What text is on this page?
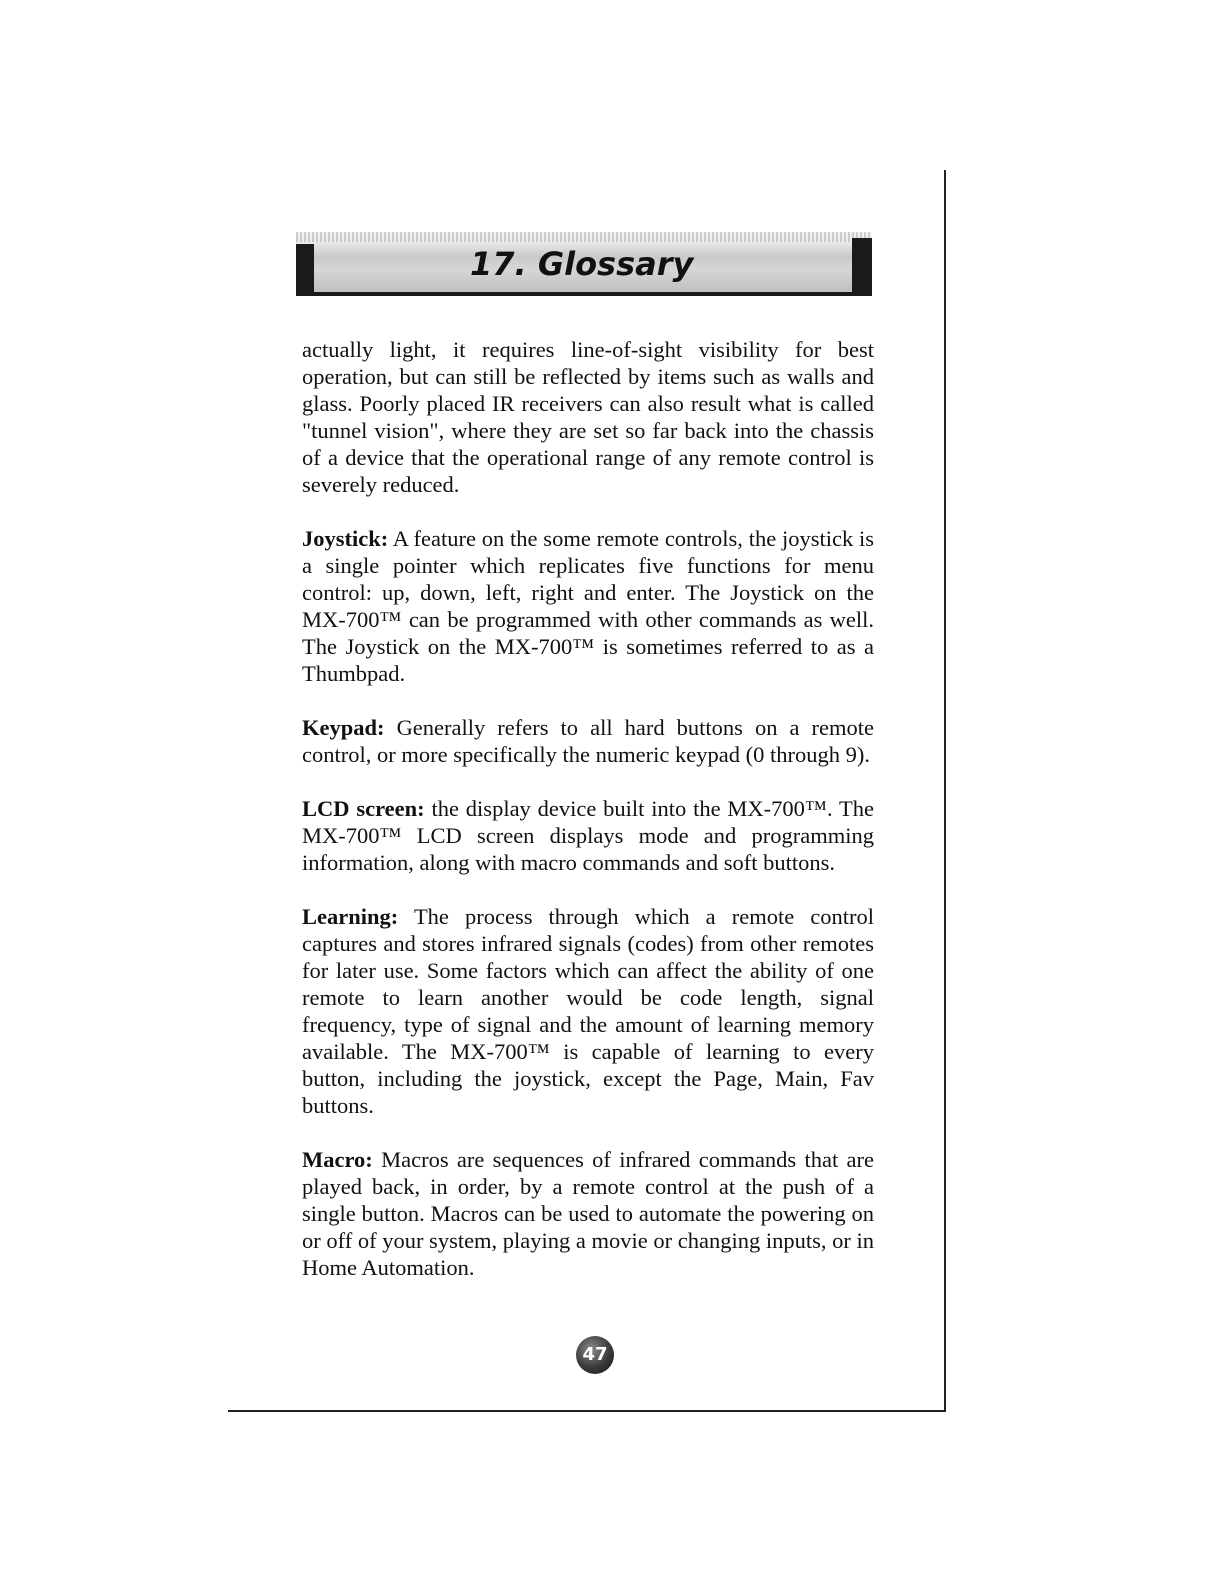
17. Glossary

actually light, it requires line-of-sight visibility for best operation, but can still be reflected by items such as walls and glass. Poorly placed IR receivers can also result what is called "tunnel vision", where they are set so far back into the chassis of a device that the operational range of any remote control is severely reduced.

Joystick: A feature on the some remote controls, the joystick is a single pointer which replicates five functions for menu control: up, down, left, right and enter. The Joystick on the MX-700™ can be programmed with other commands as well. The Joystick on the MX-700™ is sometimes referred to as a Thumbpad.

Keypad: Generally refers to all hard buttons on a remote control, or more specifically the numeric keypad (0 through 9).

LCD screen: the display device built into the MX-700™. The MX-700™ LCD screen displays mode and programming information, along with macro commands and soft buttons.

Learning: The process through which a remote control captures and stores infrared signals (codes) from other remotes for later use. Some factors which can affect the ability of one remote to learn another would be code length, signal frequency, type of signal and the amount of learning memory available. The MX-700™ is capable of learning to every button, including the joystick, except the Page, Main, Fav buttons.

Macro: Macros are sequences of infrared commands that are played back, in order, by a remote control at the push of a single button. Macros can be used to automate the powering on or off of your system, playing a movie or changing inputs, or in Home Automation.

47
